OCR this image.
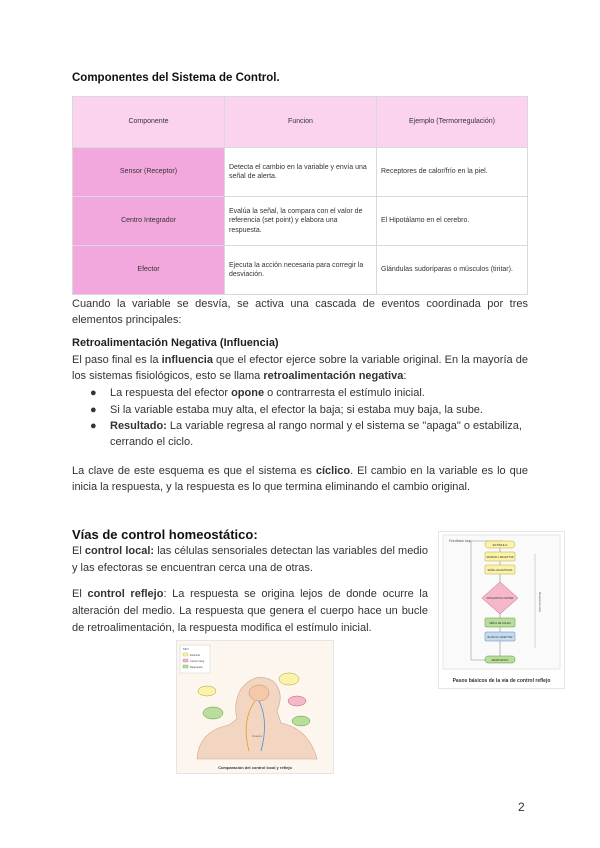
Componentes del Sistema de Control.
Componente	Funcion	Ejemplo (Termorregulación)
Sensor (Receptor)	Detecta el cambio en la variable y envía una señal de alerta.	Receptores de calor/frío en la piel.
Centro Integrador	Evalúa la señal, la compara con el valor de referencia (set point) y elabora una respuesta.	El Hipotálamo en el cerebro.
Efector	Ejecuta la acción necesaria para corregir la desviación.	Glándulas sudoríparas o músculos (tiritar).
Cuando la variable se desvía, se activa una cascada de eventos coordinada por tres elementos principales:
Retroalimentación Negativa (Influencia)
El paso final es la influencia que el efector ejerce sobre la variable original. En la mayoría de los sistemas fisiológicos, esto se llama retroalimentación negativa:
● La respuesta del efector opone o contrarresta el estímulo inicial.
● Si la variable estaba muy alta, el efector la baja; si estaba muy baja, la sube.
● Resultado: La variable regresa al rango normal y el sistema se "apaga" o estabiliza, cerrando el ciclo.
La clave de este esquema es que el sistema es cíclico. El cambio en la variable es lo que inicia la respuesta, y la respuesta es lo que termina eliminando el cambio original.
Vías de control homeostático:
El control local: las células sensoriales detectan las variables del medio y las efectoras se encuentran cerca una de otras.
El control reflejo: La respuesta se origina lejos de donde ocurre la alteración del medio. La respuesta que genera el cuerpo hace un bucle de retroalimentación, la respuesta modifica el estímulo inicial.
Feedback loop
ESTÍMULO
SENSOR o RECEPTOR
SEÑAL DE ENTRADA
INTEGRATING CENTER
SEÑAL DE SALIDA
BLANCO o EFECTOR
RESPUESTA
Response loop
Pasos básicos de la vía de control reflejo
KEY
Estímulo
Centro integ.
Respuesta
Cuerpo
Comparación del control local y reflejo
2
